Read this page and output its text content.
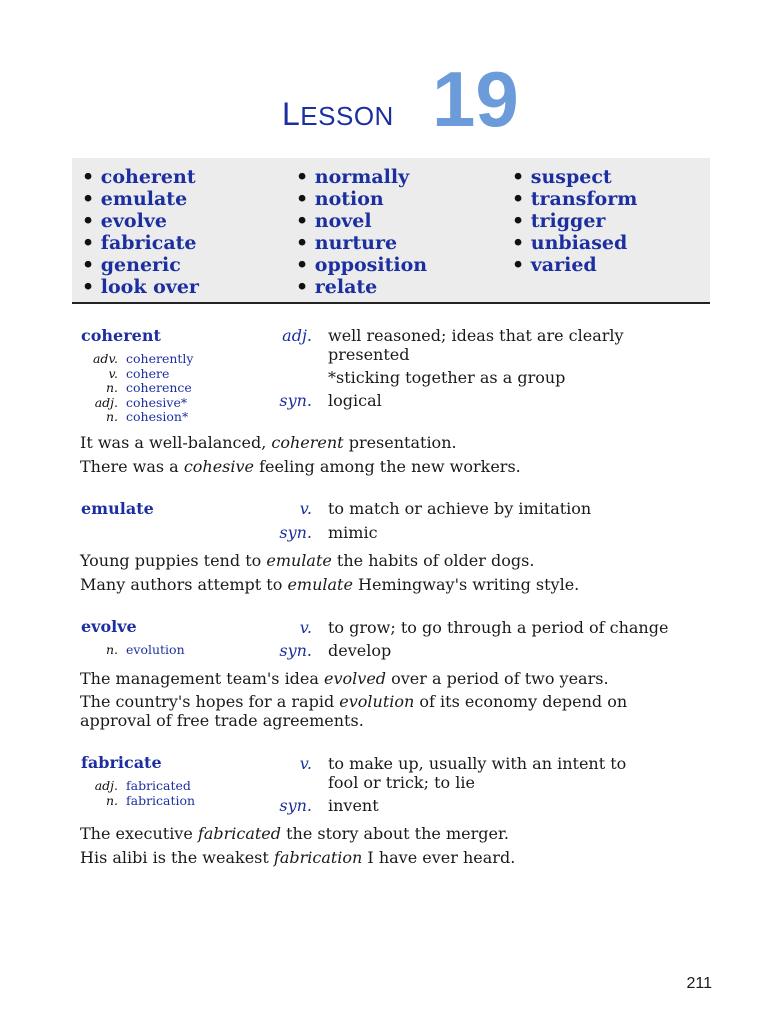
LESSON 19
• coherent
• emulate
• evolve
• fabricate
• generic
• look over
• normally
• notion
• novel
• nurture
• opposition
• relate
• suspect
• transform
• trigger
• unbiased
• varied
coherent
adv. coherently
v. cohere
n. coherence
adj. cohesive*
n. cohesion*
adj. well reasoned; ideas that are clearly presented
*sticking together as a group
syn. logical
It was a well-balanced, coherent presentation.
There was a cohesive feeling among the new workers.
emulate	v. to match or achieve by imitation
syn. mimic
Young puppies tend to emulate the habits of older dogs.
Many authors attempt to emulate Hemingway's writing style.
evolve
n. evolution
v. to grow; to go through a period of change
syn. develop
The management team's idea evolved over a period of two years.
The country's hopes for a rapid evolution of its economy depend on approval of free trade agreements.
fabricate
adj. fabricated
n. fabrication
v. to make up, usually with an intent to fool or trick; to lie
syn. invent
The executive fabricated the story about the merger.
His alibi is the weakest fabrication I have ever heard.
211
